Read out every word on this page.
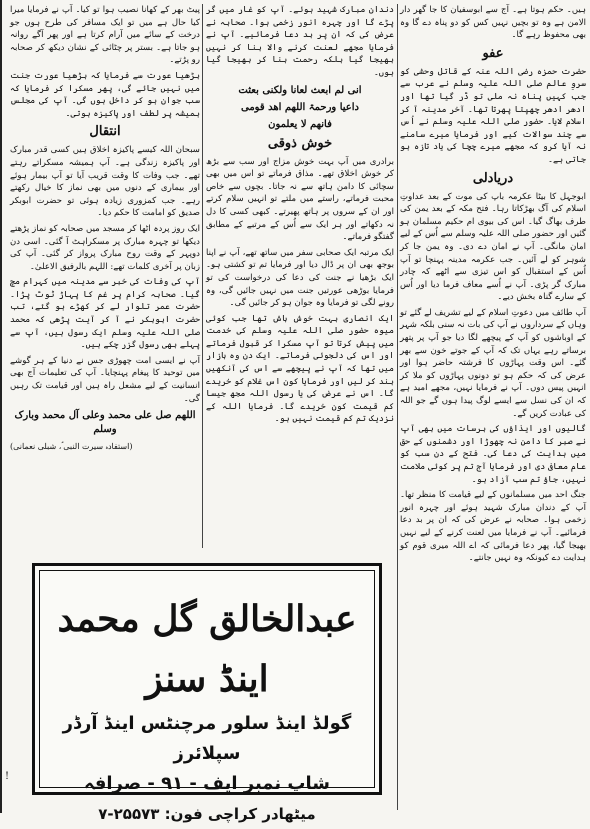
ہیں۔ حکم ہوتا ہے۔ آج سے ابوسفیان کا جا گھر دار الامن ہے وہ تو بچیں نہیں کس کو دو پناہ دے گا وہ بھی محفوظ رہے گا۔

عفو

حضرت حمزہ رضی اللہ عنہ کے قاتل وحشی کو سروِ عالم صلی اللہ علیہ وسلم نے عرب سے جب کہیں پناہ نہ ملی تو ڈر گیا تھا اور ادھر ادھر چھپتا پھرتا تھا۔ آخر مدینہ آ کر اسلام لایا۔ حضور صلی اللہ علیہ وسلم نے اُس سے چند سوالات کیے اور فرمایا میرے سامنے نہ آیا کرو کہ مجھے میرے چچا کی یاد تازہ ہو جاتی ہے۔

دریادلی

ابوجہل کا بیٹا عکرمہ باپ کی موت کے بعد عداوتِ اسلام کی آگ بھڑکاتا رہا۔ فتح مکہ کے بعد یمن کی طرف بھاگ گیا۔ اس کی بیوی ام حکیم مسلمان ہو گئیں اور حضور صلی اللہ علیہ وسلم سے اُس کے لیے امان مانگی۔ آپ نے امان دے دی۔ وہ یمن جا کر شوہر کو لے آئیں۔ جب عکرمہ مدینہ پہنچا تو آپ اُس کے استقبال کو اس تیزی سے اٹھے کہ چادر مبارک گر پڑی۔ آپ نے اُسے معاف فرما دیا اور اُس کے سارے گناہ بخش دیے۔

آپ طائف میں دعوتِ اسلام کے لیے تشریف لے گئے تو وہاں کے سرداروں نے آپ کی بات نہ سنی بلکہ شہر کے اوباشوں کو آپ کے پیچھے لگا دیا جو آپ پر پتھر برساتے رہے یہاں تک کہ آپ کے جوتے خون سے بھر گئے۔ اس وقت پہاڑوں کا فرشتہ حاضر ہوا اور عرض کی کہ حکم ہو تو دونوں پہاڑوں کو ملا کر انہیں پیس دوں۔ آپ نے فرمایا نہیں، مجھے امید ہے کہ ان کی نسل سے ایسے لوگ پیدا ہوں گے جو اللہ کی عبادت کریں گے۔

گالیوں اور ایذاؤں کی برسات میں بھی آپ نے صبر کا دامن نہ چھوڑا اور دشمنوں کے حق میں ہدایت کی دعا کی۔ فتح کے دن سب کو عام معافی دی اور فرمایا آج تم پر کوئی ملامت نہیں، جاؤ تم سب آزاد ہو۔

جنگ احد میں مسلمانوں کے لیے قیامت کا منظر تھا۔ آپ کے دندان مبارک شہید ہوئے اور چہرہ انور زخمی ہوا۔ صحابہ نے عرض کی کہ ان پر بد دعا فرمائیے۔ آپ نے فرمایا میں لعنت کرنے کے لیے نہیں بھیجا گیا، پھر دعا فرمائی کہ اے اللہ میری قوم کو ہدایت دے کیونکہ وہ نہیں جانتے۔

دندان مبارک شہید ہوئے۔ آپ کو غار میں گر پڑے گا اور چہرہ انور زخمی ہوا۔ صحابہ نے عرض کی کہ ان پر بد دعا فرمائیے۔ آپ نے فرمایا مجھے لعنت کرنے والا بنا کر نہیں بھیجا گیا بلکہ رحمت بنا کر بھیجا گیا ہوں۔

انی لم ابعث لعانا ولکنی بعثت

داعیا ورحمۃ اللھم اھد قومی

فانھم لا یعلمون

خوش ذوقی

برادری میں آپ بہت خوش مزاج اور سب سے بڑھ کر خوش اخلاق تھے۔ مذاق فرماتے تو اس میں بھی سچائی کا دامن ہاتھ سے نہ جاتا۔ بچوں سے خاص محبت فرماتے، راستے میں ملتے تو انہیں سلام کرتے اور ان کے سروں پر ہاتھ پھیرتے۔ کبھی کسی کا دل نہ دکھاتے اور ہر ایک سے اُس کے مرتبے کے مطابق گفتگو فرماتے۔

ایک مرتبہ ایک صحابی سفر میں ساتھ تھے، آپ نے اپنا بوجھ بھی ان پر ڈال دیا اور فرمایا تم تو کشتی ہو۔ ایک بڑھیا نے جنت کی دعا کی درخواست کی تو فرمایا بوڑھی عورتیں جنت میں نہیں جائیں گی، وہ رونے لگی تو فرمایا وہ جوان ہو کر جائیں گی۔

ایک انصاری بہت خوش باش تھا جب کوئی میوہ حضور صلی اللہ علیہ وسلم کی خدمت میں پیش کرتا تو آپ مسکرا کر قبول فرماتے اور اس کی دلجوئی فرماتے۔ ایک دن وہ بازار میں تھا کہ آپ نے پیچھے سے اس کی آنکھیں بند کر لیں اور فرمایا کون اس غلام کو خریدے گا۔ اس نے عرض کی یا رسول اللہ مجھ جیسا کم قیمت کون خریدے گا۔ فرمایا اللہ کے نزدیک تم کم قیمت نہیں ہو۔

پیٹ بھر کے کھانا نصیب ہوا تو کیا۔ آپ نے فرمایا میرا کیا حال ہے میں تو ایک مسافر کی طرح ہوں جو درخت کے سائے میں آرام کرتا ہے اور پھر آگے روانہ ہو جاتا ہے۔ بستر پر چٹائی کے نشان دیکھ کر صحابہ رو پڑتے۔

بڑھیا عورت سے فرمایا کہ بڑھیا عورت جنت میں نہیں جائے گی، پھر مسکرا کر فرمایا کہ سب جوان ہو کر داخل ہوں گی۔ آپ کی مجلس ہمیشہ پر لطف اور پاکیزہ ہوتی۔

انتقال

سبحان اللہ کیسے پاکیزہ اخلاق ہیں کسی قدر مبارک اور پاکیزہ زندگی ہے۔ آپ ہمیشہ مسکراتے رہتے تھے۔ جب وفات کا وقت قریب آیا تو آپ بیمار ہوئے اور بیماری کے دنوں میں بھی نماز کا خیال رکھتے رہے۔ جب کمزوری زیادہ ہوئی تو حضرت ابوبکر صدیق کو امامت کا حکم دیا۔

ایک روز پردہ اٹھا کر مسجد میں صحابہ کو نماز پڑھتے دیکھا تو چہرہ مبارک پر مسکراہٹ آ گئی۔ اسی دن دوپہر کے وقت روح مبارک پرواز کر گئی۔ آپ کی زبان پر آخری کلمات تھے: اللہم بالرفیق الاعلیٰ۔

آپ کی وفات کی خبر سے مدینہ میں کہرام مچ گیا۔ صحابہ کرام پر غم کا پہاڑ ٹوٹ پڑا۔ حضرت عمر تلوار لے کر کھڑے ہو گئے، تب حضرت ابوبکر نے آ کر آیت پڑھی کہ محمد صلی اللہ علیہ وسلم ایک رسول ہیں، آپ سے پہلے بھی رسول گزر چکے ہیں۔

آپ نے ایسی امت چھوڑی جس نے دنیا کے ہر گوشے میں توحید کا پیغام پہنچایا۔ آپ کی تعلیمات آج بھی انسانیت کے لیے مشعل راہ ہیں اور قیامت تک رہیں گی۔

اللھم صل علی محمد وعلی آل محمد وبارک وسلم

(استفادہ سیرت النبی ؐ، شبلی نعمانی)

عبدالخالق گل محمد اینڈ سنز
گولڈ اینڈ سلور مرچنٹس اینڈ آرڈر سپلائرز
شاپ نمبر ایف - ۹۱ - صرافہ
میٹھادر کراچی فون: ۲۵۵۷۳-۷
!
